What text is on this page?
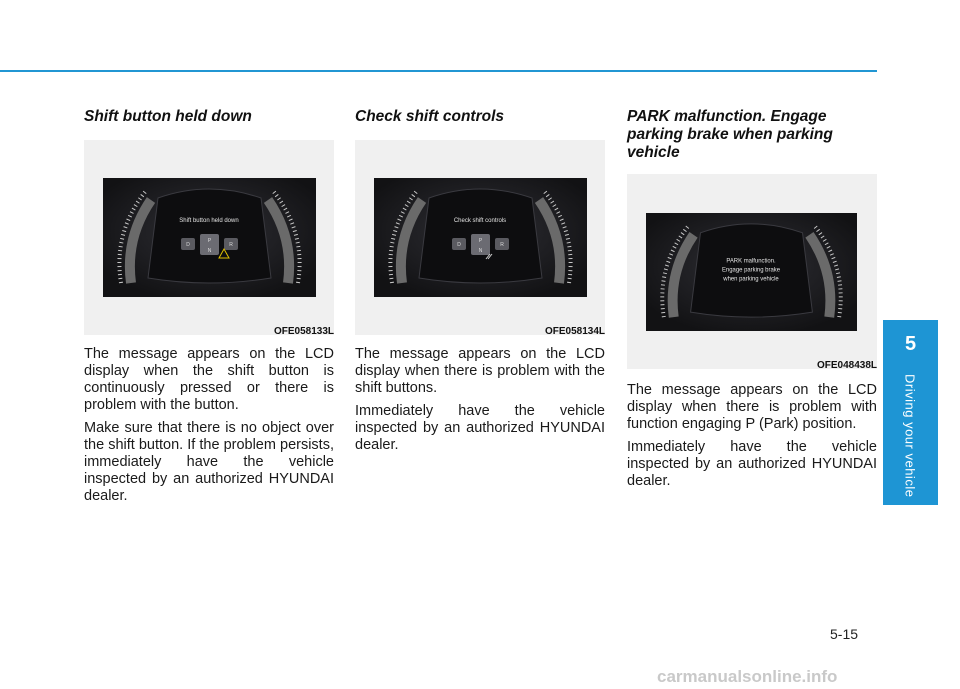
Shift button held down
Shift button held down
D
P
R
N
OFE058133L

The message appears on the LCD display when the shift button is continuously pressed or there is problem with the button.

Make sure that there is no object over the shift button. If the problem persists, immediately have the vehicle inspected by an authorized HYUNDAI dealer.

Check shift controls
Check shift controls
D
P
R
N
OFE058134L

The message appears on the LCD display when there is problem with the shift buttons.

Immediately have the vehicle inspected by an authorized HYUNDAI dealer.

PARK malfunction. Engage parking brake when parking vehicle
PARK malfunction.
Engage parking brake
when parking vehicle
OFE048438L

The message appears on the LCD display when there is problem with function engaging P (Park) position.

Immediately have the vehicle inspected by an authorized HYUNDAI dealer.

5
Driving your vehicle
5-15
carmanualsonline.info
